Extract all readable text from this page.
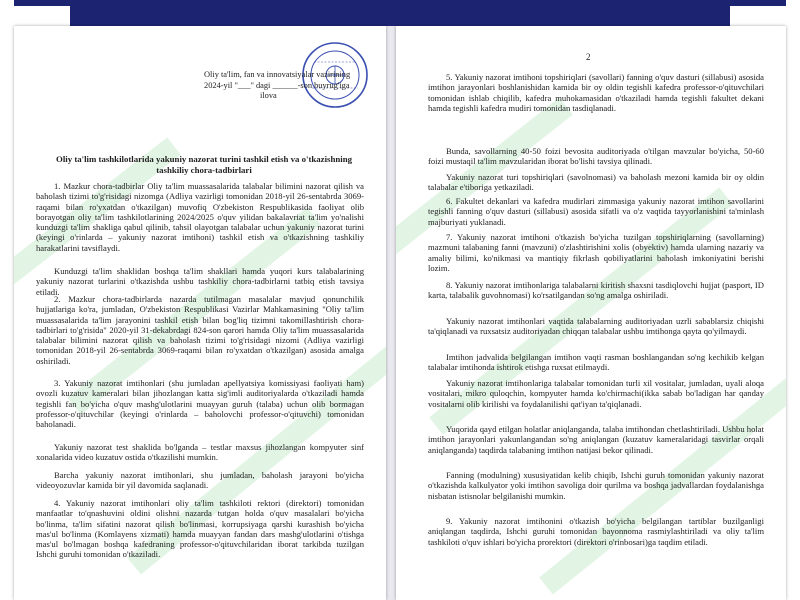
Oliy ta'lim, fan va innovatsiyalar vazirining
2024-yil "___" dagi ______-son buyrug'iga
ilova
Oliy ta'lim tashkilotlarida yakuniy nazorat turini tashkil etish va o'tkazishning tashkiliy chora-tadbirlari
1. Mazkur chora-tadbirlar Oliy ta'lim muassasalarida talabalar bilimini nazorat qilish va baholash tizimi to'g'risidagi nizomga (Adliya vazirligi tomonidan 2018-yil 26-sentabrda 3069-raqami bilan ro'yxatdan o'tkazilgan) muvofiq O'zbekiston Respublikasida faoliyat olib borayotgan oliy ta'lim tashkilotlarining 2024/2025 o'quv yilidan bakalavriat ta'lim yo'nalishi kunduzgi ta'lim shakliga qabul qilinib, tahsil olayotgan talabalar uchun yakuniy nazorat turini (keyingi o'rinlarda – yakuniy nazorat imtihoni) tashkil etish va o'tkazishning tashkiliy harakatlarini tavsiflaydi.
Kunduzgi ta'lim shaklidan boshqa ta'lim shakllari hamda yuqori kurs talabalarining yakuniy nazorat turlarini o'tkazishda ushbu tashkiliy chora-tadbirlarni tatbiq etish tavsiya etiladi.
2. Mazkur chora-tadbirlarda nazarda tutilmagan masalalar mavjud qonunchilik hujjatlariga ko'ra, jumladan, O'zbekiston Respublikasi Vazirlar Mahkamasining "Oliy ta'lim muassasalarida ta'lim jarayonini tashkil etish bilan bog'liq tizimni takomillashtirish chora-tadbirlari to'g'risida" 2020-yil 31-dekabrdagi 824-son qarori hamda Oliy ta'lim muassasalarida talabalar bilimini nazorat qilish va baholash tizimi to'g'risidagi nizomi (Adliya vazirligi tomonidan 2018-yil 26-sentabrda 3069-raqami bilan ro'yxatdan o'tkazilgan) asosida amalga oshiriladi.
3. Yakuniy nazorat imtihonlari (shu jumladan apellyatsiya komissiyasi faoliyati ham) ovozli kuzatuv kameralari bilan jihozlangan katta sig'imli auditoriyalarda o'tkaziladi hamda tegishli fan bo'yicha o'quv mashg'ulotlarini muayyan guruh (talaba) uchun olib bormagan professor-o'qituvchilar (keyingi o'rinlarda – baholovchi professor-o'qituvchi) tomonidan baholanadi.
Yakuniy nazorat test shaklida bo'lganda – testlar maxsus jihozlangan kompyuter sinf xonalarida video kuzatuv ostida o'tkazilishi mumkin.
Barcha yakuniy nazorat imtihonlari, shu jumladan, baholash jarayoni bo'yicha videoyozuvlar kamida bir yil davomida saqlanadi.
4. Yakuniy nazorat imtihonlari oliy ta'lim tashkiloti rektori (direktori) tomonidan manfaatlar to'qnashuvini oldini olishni nazarda tutgan holda o'quv masalalari bo'yicha bo'linma, ta'lim sifatini nazorat qilish bo'linmasi, korrupsiyaga qarshi kurashish bo'yicha mas'ul bo'linma (Komlayens xizmati) hamda muayyan fandan dars mashg'ulotlarini o'tishga mas'ul bo'lmagan boshqa kafedraning professor-o'qituvchilaridan iborat tarkibda tuzilgan Ishchi guruhi tomonidan o'tkaziladi.
2
5. Yakuniy nazorat imtihoni topshiriqlari (savollari) fanning o'quv dasturi (sillabusi) asosida imtihon jarayonlari boshlanishidan kamida bir oy oldin tegishli kafedra professor-o'qituvchilari tomonidan ishlab chiqilib, kafedra muhokamasidan o'tkaziladi hamda tegishli fakultet dekani hamda tegishli kafedra mudiri tomonidan tasdiqlanadi.
Bunda, savollarning 40-50 foizi bevosita auditoriyada o'tilgan mavzular bo'yicha, 50-60 foizi mustaqil ta'lim mavzularidan iborat bo'lishi tavsiya qilinadi.
Yakuniy nazorat turi topshiriqlari (savolnomasi) va baholash mezoni kamida bir oy oldin talabalar e'tiboriga yetkaziladi.
6. Fakultet dekanlari va kafedra mudirlari zimmasiga yakuniy nazorat imtihon savollarini tegishli fanning o'quv dasturi (sillabusi) asosida sifatli va o'z vaqtida tayyorlanishini ta'minlash majburiyati yuklanadi.
7. Yakuniy nazorat imtihoni o'tkazish bo'yicha tuzilgan topshiriqlarning (savollarning) mazmuni talabaning fanni (mavzuni) o'zlashtirishini xolis (obyektiv) hamda ularning nazariy va amaliy bilimi, ko'nikmasi va mantiqiy fikrlash qobiliyatlarini baholash imkoniyatini berishi lozim.
8. Yakuniy nazorat imtihonlariga talabalarni kiritish shaxsni tasdiqlovchi hujjat (pasport, ID karta, talabalik guvohnomasi) ko'rsatilgandan so'ng amalga oshiriladi.
Yakuniy nazorat imtihonlari vaqtida talabalarning auditoriyadan uzrli sabablarsiz chiqishi ta'qiqlanadi va ruxsatsiz auditoriyadan chiqqan talabalar ushbu imtihonga qayta qo'yilmaydi.
Imtihon jadvalida belgilangan imtihon vaqti rasman boshlangandan so'ng kechikib kelgan talabalar imtihonda ishtirok etishga ruxsat etilmaydi.
Yakuniy nazorat imtihonlariga talabalar tomonidan turli xil vositalar, jumladan, uyali aloqa vositalari, mikro quloqchin, kompyuter hamda ko'chirmachi(ikka sabab bo'ladigan har qanday vositalarni olib kirilishi va foydalanilishi qat'iyan ta'qiqlanadi.
Yuqorida qayd etilgan holatlar aniqlanganda, talaba imtihondan chetlashtiriladi. Ushbu holat imtihon jarayonlari yakunlangandan so'ng aniqlangan (kuzatuv kameralaridagi tasvirlar orqali aniqlanganda) taqdirda talabaning imtihon natijasi bekor qilinadi.
Fanning (modulning) xususiyatidan kelib chiqib, Ishchi guruh tomonidan yakuniy nazorat o'tkazishda kalkulyator yoki imtihon savoliga doir qurilma va boshqa jadvallardan foydalanishga nisbatan istisnolar belgilanishi mumkin.
9. Yakuniy nazorat imtihonini o'tkazish bo'yicha belgilangan tartiblar buzilganligi aniqlangan taqdirda, Ishchi guruhi tomonidan bayonnoma rasmiylashtiriladi va oliy ta'lim tashkiloti o'quv ishlari bo'yicha prorektori (direktori o'rinbosari)ga taqdim etiladi.
